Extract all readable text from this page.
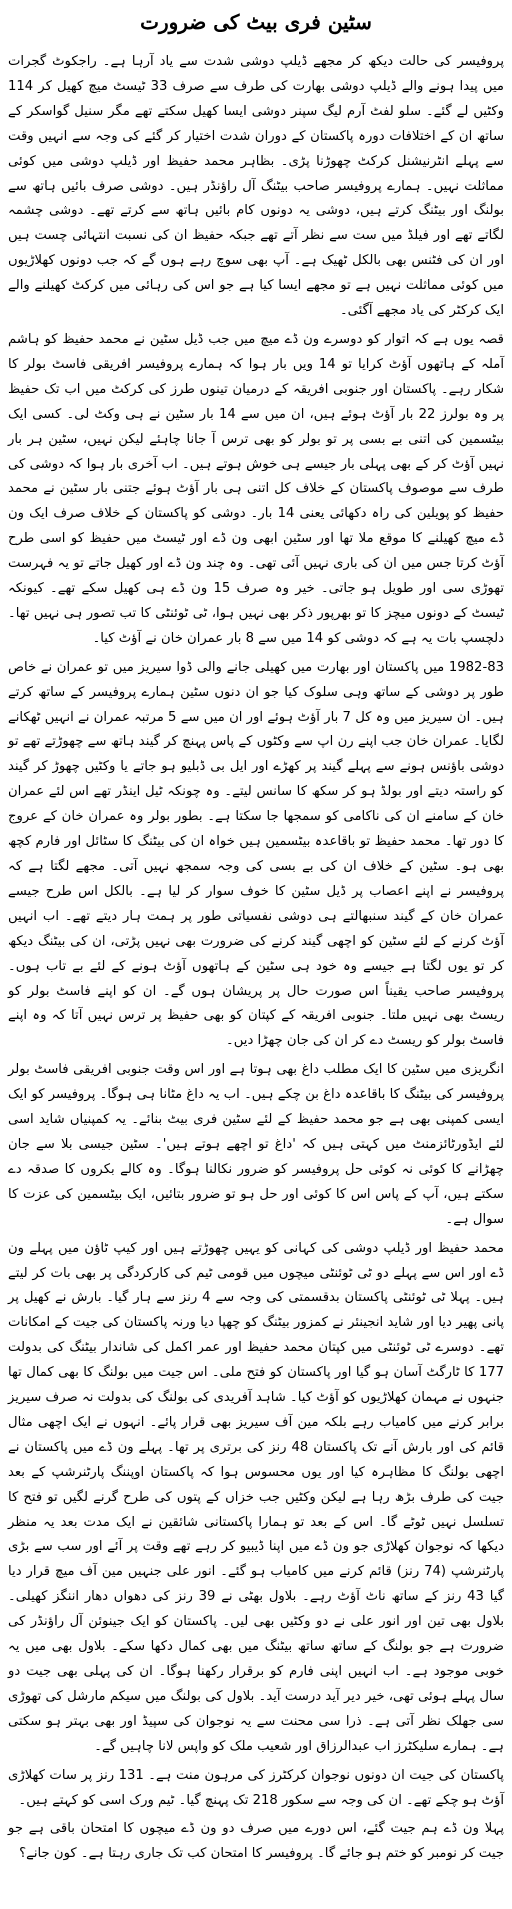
سٹین فری بیٹ کی ضرورت

پروفیسر کی حالت دیکھ کر مجھے ڈیلپ دوشی شدت سے یاد آرہا ہے۔ راجکوٹ گجرات میں پیدا ہونے والے ڈیلپ دوشی بھارت کی طرف سے صرف 33 ٹیسٹ میچ کھیل کر 114 وکٹیں لے گئے۔ سلو لفٹ آرم لیگ سپنر دوشی ایسا کھیل سکتے تھے مگر سنیل گواسکر کے ساتھ ان کے اختلافات دورہ پاکستان کے دوران شدت اختیار کر گئے کی وجہ سے انہیں وقت سے پہلے انٹرنیشنل کرکٹ چھوڑنا پڑی۔ بظاہر محمد حفیظ اور ڈیلپ دوشی میں کوئی مماثلت نہیں۔ ہمارے پروفیسر صاحب بیٹنگ آل راؤنڈر ہیں۔ دوشی صرف بائیں ہاتھ سے بولنگ اور بیٹنگ کرتے ہیں، دوشی یہ دونوں کام بائیں ہاتھ سے کرتے تھے۔ دوشی چشمہ لگاتے تھے اور فیلڈ میں ست سے نظر آتے تھے جبکہ حفیظ ان کی نسبت انتہائی چست ہیں اور ان کی فٹنس بھی بالکل ٹھیک ہے۔ آپ بھی سوچ رہے ہوں گے کہ جب دونوں کھلاڑیوں میں کوئی مماثلت نہیں ہے تو مجھے ایسا کیا ہے جو اس کی رہائی میں کرکٹ کھیلنے والے ایک کرکٹر کی یاد مجھے آگئی۔

قصہ یوں ہے کہ اتوار کو دوسرے ون ڈے میچ میں جب ڈیل سٹین نے محمد حفیظ کو ہاشم آملہ کے ہاتھوں آؤٹ کرایا تو 14 ویں بار ہوا کہ ہمارے پروفیسر افریقی فاسٹ بولر کا شکار رہے۔ پاکستان اور جنوبی افریقہ کے درمیان تینوں طرز کی کرکٹ میں اب تک حفیظ پر وہ بولرز 22 بار آؤٹ ہوئے ہیں، ان میں سے 14 بار سٹین نے ہی وکٹ لی۔ کسی ایک بیٹسمین کی اتنی بے بسی پر تو بولر کو بھی ترس آ جانا چاہئے لیکن نہیں، سٹین ہر بار نہیں آؤٹ کر کے بھی پہلی بار جیسے ہی خوش ہوتے ہیں۔ اب آخری بار ہوا کہ دوشی کی طرف سے موصوف پاکستان کے خلاف کل اتنی ہی بار آؤٹ ہوئے جتنی بار سٹین نے محمد حفیظ کو پویلین کی راہ دکھائی یعنی 14 بار۔ دوشی کو پاکستان کے خلاف صرف ایک ون ڈے میچ کھیلنے کا موقع ملا تھا اور سٹین ابھی ون ڈے اور ٹیسٹ میں حفیظ کو اسی طرح آؤٹ کرتا جس میں ان کی باری نہیں آئی تھی۔ وہ چند ون ڈے اور کھیل جاتے تو یہ فہرست تھوڑی سی اور طویل ہو جاتی۔ خیر وہ صرف 15 ون ڈے ہی کھیل سکے تھے۔ کیونکہ ٹیسٹ کے دونوں میچز کا تو بھرپور ذکر بھی نہیں ہوا، ٹی ٹوئنٹی کا تب تصور ہی نہیں تھا۔ دلچسپ بات یہ ہے کہ دوشی کو 14 میں سے 8 بار عمران خان نے آؤٹ کیا۔

1982-83 میں پاکستان اور بھارت میں کھیلی جانے والی ڈوا سیریز میں تو عمران نے خاص طور پر دوشی کے ساتھ وہی سلوک کیا جو ان دنوں سٹین ہمارے پروفیسر کے ساتھ کرتے ہیں۔ ان سیریز میں وہ کل 7 بار آؤٹ ہوئے اور ان میں سے 5 مرتبہ عمران نے انہیں ٹھکانے لگایا۔ عمران خان جب اپنے رن اپ سے وکٹوں کے پاس پہنچ کر گیند ہاتھ سے چھوڑتے تھے تو دوشی باؤنس ہونے سے پہلے گیند پر کھڑے اور ایل بی ڈبلیو ہو جاتے یا وکٹیں چھوڑ کر گیند کو راستہ دیتے اور بولڈ ہو کر سکھ کا سانس لیتے۔ وہ چونکہ ٹیل اینڈر تھے اس لئے عمران خان کے سامنے ان کی ناکامی کو سمجھا جا سکتا ہے۔ بطور بولر وہ عمران خان کے عروج کا دور تھا۔ محمد حفیظ تو باقاعدہ بیٹسمین ہیں خواہ ان کی بیٹنگ کا سٹائل اور فارم کچھ بھی ہو۔ سٹین کے خلاف ان کی بے بسی کی وجہ سمجھ نہیں آتی۔ مجھے لگتا ہے کہ پروفیسر نے اپنے اعصاب پر ڈیل سٹین کا خوف سوار کر لیا ہے۔ بالکل اس طرح جیسے عمران خان کے گیند سنبھالتے ہی دوشی نفسیاتی طور پر ہمت ہار دیتے تھے۔ اب انہیں آؤٹ کرنے کے لئے سٹین کو اچھی گیند کرنے کی ضرورت بھی نہیں پڑتی، ان کی بیٹنگ دیکھ کر تو یوں لگتا ہے جیسے وہ خود ہی سٹین کے ہاتھوں آؤٹ ہونے کے لئے بے تاب ہوں۔ پروفیسر صاحب یقیناً اس صورت حال پر پریشان ہوں گے۔ ان کو اپنے فاسٹ بولر کو ریسٹ بھی نہیں ملتا۔ جنوبی افریقہ کے کپتان کو بھی حفیظ پر ترس نہیں آتا کہ وہ اپنے فاسٹ بولر کو ریسٹ دے کر ان کی جان چھڑا دیں۔

انگریزی میں سٹین کا ایک مطلب داغ بھی ہوتا ہے اور اس وقت جنوبی افریقی فاسٹ بولر پروفیسر کی بیٹنگ کا باقاعدہ داغ بن چکے ہیں۔ اب یہ داغ مٹانا ہی ہوگا۔ پروفیسر کو ایک ایسی کمپنی بھی ہے جو محمد حفیظ کے لئے سٹین فری بیٹ بنائے۔ یہ کمپنیاں شاید اسی لئے ایڈورٹائزمنٹ میں کہتی ہیں کہ 'داغ تو اچھے ہوتے ہیں'۔ سٹین جیسی بلا سے جان چھڑانے کا کوئی نہ کوئی حل پروفیسر کو ضرور نکالنا ہوگا۔ وہ کالے بکروں کا صدقہ دے سکتے ہیں، آپ کے پاس اس کا کوئی اور حل ہو تو ضرور بتائیں، ایک بیٹسمین کی عزت کا سوال ہے۔

محمد حفیظ اور ڈیلپ دوشی کی کہانی کو یہیں چھوڑتے ہیں اور کیپ ٹاؤن میں پہلے ون ڈے اور اس سے پہلے دو ٹی ٹوئنٹی میچوں میں قومی ٹیم کی کارکردگی پر بھی بات کر لیتے ہیں۔ پہلا ٹی ٹوئنٹی پاکستان بدقسمتی کی وجہ سے 4 رنز سے ہار گیا۔ بارش نے کھیل پر پانی پھیر دیا اور شاید انجینئر نے کمزور بیٹنگ کو چھپا دیا ورنہ پاکستان کی جیت کے امکانات تھے۔ دوسرے ٹی ٹوئنٹی میں کپتان محمد حفیظ اور عمر اکمل کی شاندار بیٹنگ کی بدولت 177 کا ٹارگٹ آسان ہو گیا اور پاکستان کو فتح ملی۔ اس جیت میں بولنگ کا بھی کمال تھا جنہوں نے مہمان کھلاڑیوں کو آؤٹ کیا۔ شاہد آفریدی کی بولنگ کی بدولت نہ صرف سیریز برابر کرنے میں کامیاب رہے بلکہ مین آف سیریز بھی قرار پائے۔ انہوں نے ایک اچھی مثال قائم کی اور بارش آنے تک پاکستان 48 رنز کی برتری پر تھا۔ پہلے ون ڈے میں پاکستان نے اچھی بولنگ کا مظاہرہ کیا اور یوں محسوس ہوا کہ پاکستان اوپننگ پارٹنرشپ کے بعد جیت کی طرف بڑھ رہا ہے لیکن وکٹیں جب خزاں کے پتوں کی طرح گرنے لگیں تو فتح کا تسلسل نہیں ٹوٹے گا۔ اس کے بعد تو ہمارا پاکستانی شائقین نے ایک مدت بعد یہ منظر دیکھا کہ نوجوان کھلاڑی جو ون ڈے میں اپنا ڈیبیو کر رہے تھے وقت پر آئے اور سب سے بڑی پارٹنرشپ (74 رنز) قائم کرنے میں کامیاب ہو گئے۔ انور علی جنہیں مین آف میچ قرار دیا گیا 43 رنز کے ساتھ ناٹ آؤٹ رہے۔ بلاول بھٹی نے 39 رنز کی دھواں دھار اننگز کھیلی۔ بلاول بھی تین اور انور علی نے دو وکٹیں بھی لیں۔ پاکستان کو ایک جینوئن آل راؤنڈر کی ضرورت ہے جو بولنگ کے ساتھ ساتھ بیٹنگ میں بھی کمال دکھا سکے۔ بلاول بھی میں یہ خوبی موجود ہے۔ اب انہیں اپنی فارم کو برقرار رکھنا ہوگا۔ ان کی پہلی بھی جیت دو سال پہلے ہوئی تھی، خیر دیر آید درست آید۔ بلاول کی بولنگ میں سیکم مارشل کی تھوڑی سی جھلک نظر آتی ہے۔ ذرا سی محنت سے یہ نوجوان کی سپیڈ اور بھی بہتر ہو سکتی ہے۔ ہمارے سلیکٹرز اب عبدالرزاق اور شعیب ملک کو واپس لانا چاہیں گے۔

پاکستان کی جیت ان دونوں نوجوان کرکٹرز کی مرہون منت ہے۔ 131 رنز پر سات کھلاڑی آؤٹ ہو چکے تھے۔ ان کی وجہ سے سکور 218 تک پہنچ گیا۔ ٹیم ورک اسی کو کہتے ہیں۔

پہلا ون ڈے ہم جیت گئے، اس دورے میں صرف دو ون ڈے میچوں کا امتحان باقی ہے جو جیت کر نومبر کو ختم ہو جائے گا۔ پروفیسر کا امتحان کب تک جاری رہتا ہے۔ کون جانے؟
